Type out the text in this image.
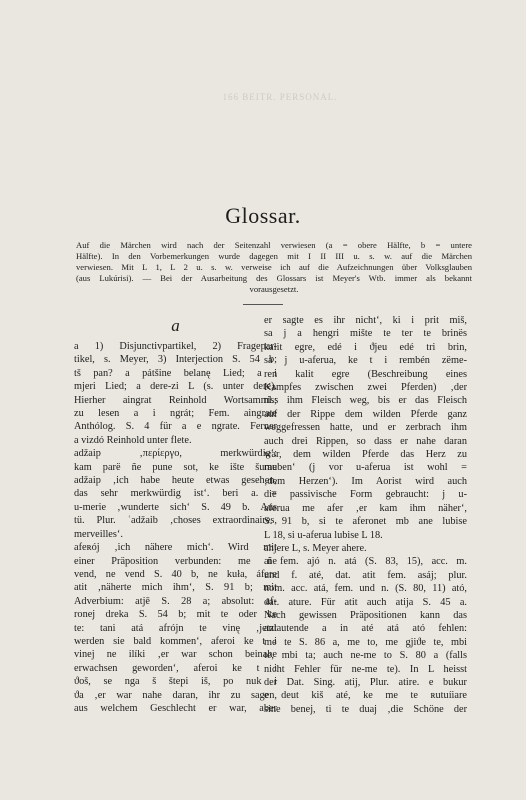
166 BEITR. PERSONAL.
Glossar.
Auf die Märchen wird nach der Seitenzahl verwiesen (a = obere Hälfte, b = untere
Hälfte). In den Vorbemerkungen wurde dagegen mit I II III u. s. w. auf die Märchen
verwiesen. Mit L 1, L 2 u. s. w. verweise ich auf die Aufzeichnungen über Volksglauben
(aus Lukúrisi). — Bei der Ausarbeitung des Glossars ist Meyer's Wtb. immer als bekannt
vorausgesetzt.
a
a 1) Disjunctivpartikel, 2) Fragepar-
tikel, s. Meyer, 3) Interjection S. 54 b;
tš pan? a pátšine belanę Lied; a i
mjeri Lied; a dere-zi L (s. unter dere).
Hierher aingrat Reinhold Wortsamml.;
zu lesen a i ngrát; Fem. aingrate
Anthólog. S. 4 für a e ngrate. Ferner
a vizdó Reinhold unter flete.
adžaip ‚περίεργο, merkwürdig‘:
kam parë ñe pune sot, ke ište šume
adžaip ‚ich habe heute etwas gesehen,
das sehr merkwürdig ist‘. beri a. =
u-merie ‚wunderte sich‘ S. 49 b. Aus
tü. Plur. ʿadžaib ‚choses extraordinaires,
merveilles‘.
afeʀój ‚ich nähere mich‘. Wird mit
einer Präposition verbunden: me ñe
vend, ne vend S. 40 b, ne kuła, áfere
atit ‚näherte mich ihm‘, S. 91 b; mit
Adverbium: atjē S. 28 a; absolut: af-
ronej dreka S. 54 b; mit te oder ke
te: tani atá afrójn te vinę ‚jetzt
werden sie bald kommen‘, aferoi ke t i
vinej ne ilíki ‚er war schon beinahe
erwachsen geworden‘, aferoi ke t i
ϑoš, se nga š štepi iš, po nuk i
ϑa ‚er war nahe daran, ihr zu sagen,
aus welchem Geschlecht er war, aber
er sagte es ihr nicht‘, ki i prit miš,
sa j a hengri mište te ter te brinës
kalit egre, edé i ϑjeu edé tri brin,
sa j u-aferua, ke t i rembén zëme-
ren kalit egre (Beschreibung eines
Kampfes zwischen zwei Pferden) ‚der
riss ihm Fleisch weg, bis er das Fleisch
auf der Rippe dem wilden Pferde ganz
weggefressen hatte, und er zerbrach ihm
auch drei Rippen, so dass er nahe daran
war, dem wilden Pferde das Herz zu
rauben‘ (j vor u-aferua ist wohl =
‚dem Herzen‘). Im Aorist wird auch
die passivische Form gebraucht: j u-
aferua me afer ‚er kam ihm näher‘,
S. 91 b, si te aferonet mb ane lubise
L 18, si u-aferua lubise L 18.
ahjere L, s. Meyer ahere.
ai fem. ajó n. atá (S. 83, 15), acc. m.
und f. até, dat. atit fem. asáj; plur.
nom. acc. atá, fem. und n. (S. 80, 11) ató,
dat. ature. Für atit auch atija S. 45 a.
Nach gewissen Präpositionen kann das
anlautende a in até atá ató fehlen:
me te S. 86 a, me to, me gjiϑe te, mbi
te, mbi ta; auch ne-me to S. 80 a (falls
nicht Fehler für ne-me te). In L heisst
der Dat. Sing. atij, Plur. atire. e bukur
e deut kiš até, ke me te ʀutuíiare
sine benej, ti te duaj ‚die Schöne der
